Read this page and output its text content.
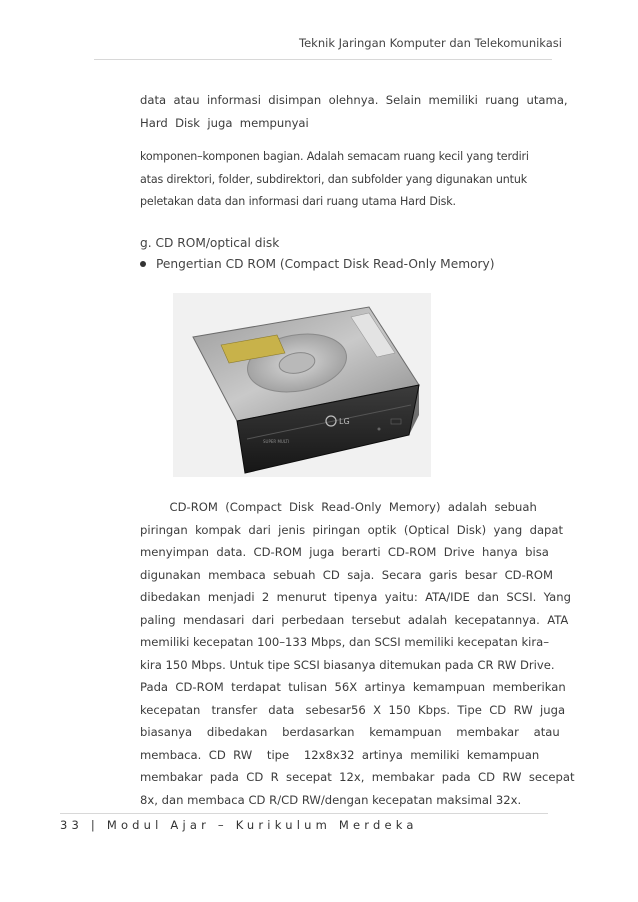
Teknik Jaringan Komputer dan Telekomunikasi
data  atau  informasi  disimpan  olehnya.  Selain  memiliki  ruang  utama,
Hard  Disk  juga  mempunyai
komponen–komponen bagian. Adalah semacam ruang kecil yang terdiri
atas direktori, folder, subdirektori, dan subfolder yang digunakan untuk
peletakan data dan informasi dari ruang utama Hard Disk.
g. CD ROM/optical disk
Pengertian CD ROM (Compact Disk Read-Only Memory)
LG
SUPER MULTI
CD-ROM  (Compact  Disk  Read-Only  Memory)  adalah  sebuah
piringan  kompak  dari  jenis  piringan  optik  (Optical  Disk)  yang  dapat
menyimpan  data.  CD-ROM  juga  berarti  CD-ROM  Drive  hanya  bisa
digunakan  membaca  sebuah  CD  saja.  Secara  garis  besar  CD-ROM
dibedakan  menjadi  2  menurut  tipenya  yaitu:  ATA/IDE  dan  SCSI.  Yang
paling  mendasari  dari  perbedaan  tersebut  adalah  kecepatannya.  ATA
memiliki kecepatan 100–133 Mbps, dan SCSI memiliki kecepatan kira–
kira 150 Mbps. Untuk tipe SCSI biasanya ditemukan pada CR RW Drive.
Pada  CD-ROM  terdapat  tulisan  56X  artinya  kemampuan  memberikan
kecepatan   transfer   data   sebesar56  X  150  Kbps.  Tipe  CD  RW  juga
biasanya    dibedakan    berdasarkan    kemampuan    membakar    atau
membaca.  CD  RW    tipe    12x8x32  artinya  memiliki  kemampuan
membakar  pada  CD  R  secepat  12x,  membakar  pada  CD  RW  secepat
8x, dan membaca CD R/CD RW/dengan kecepatan maksimal 32x.
33 | Modul Ajar – Kurikulum Merdeka
